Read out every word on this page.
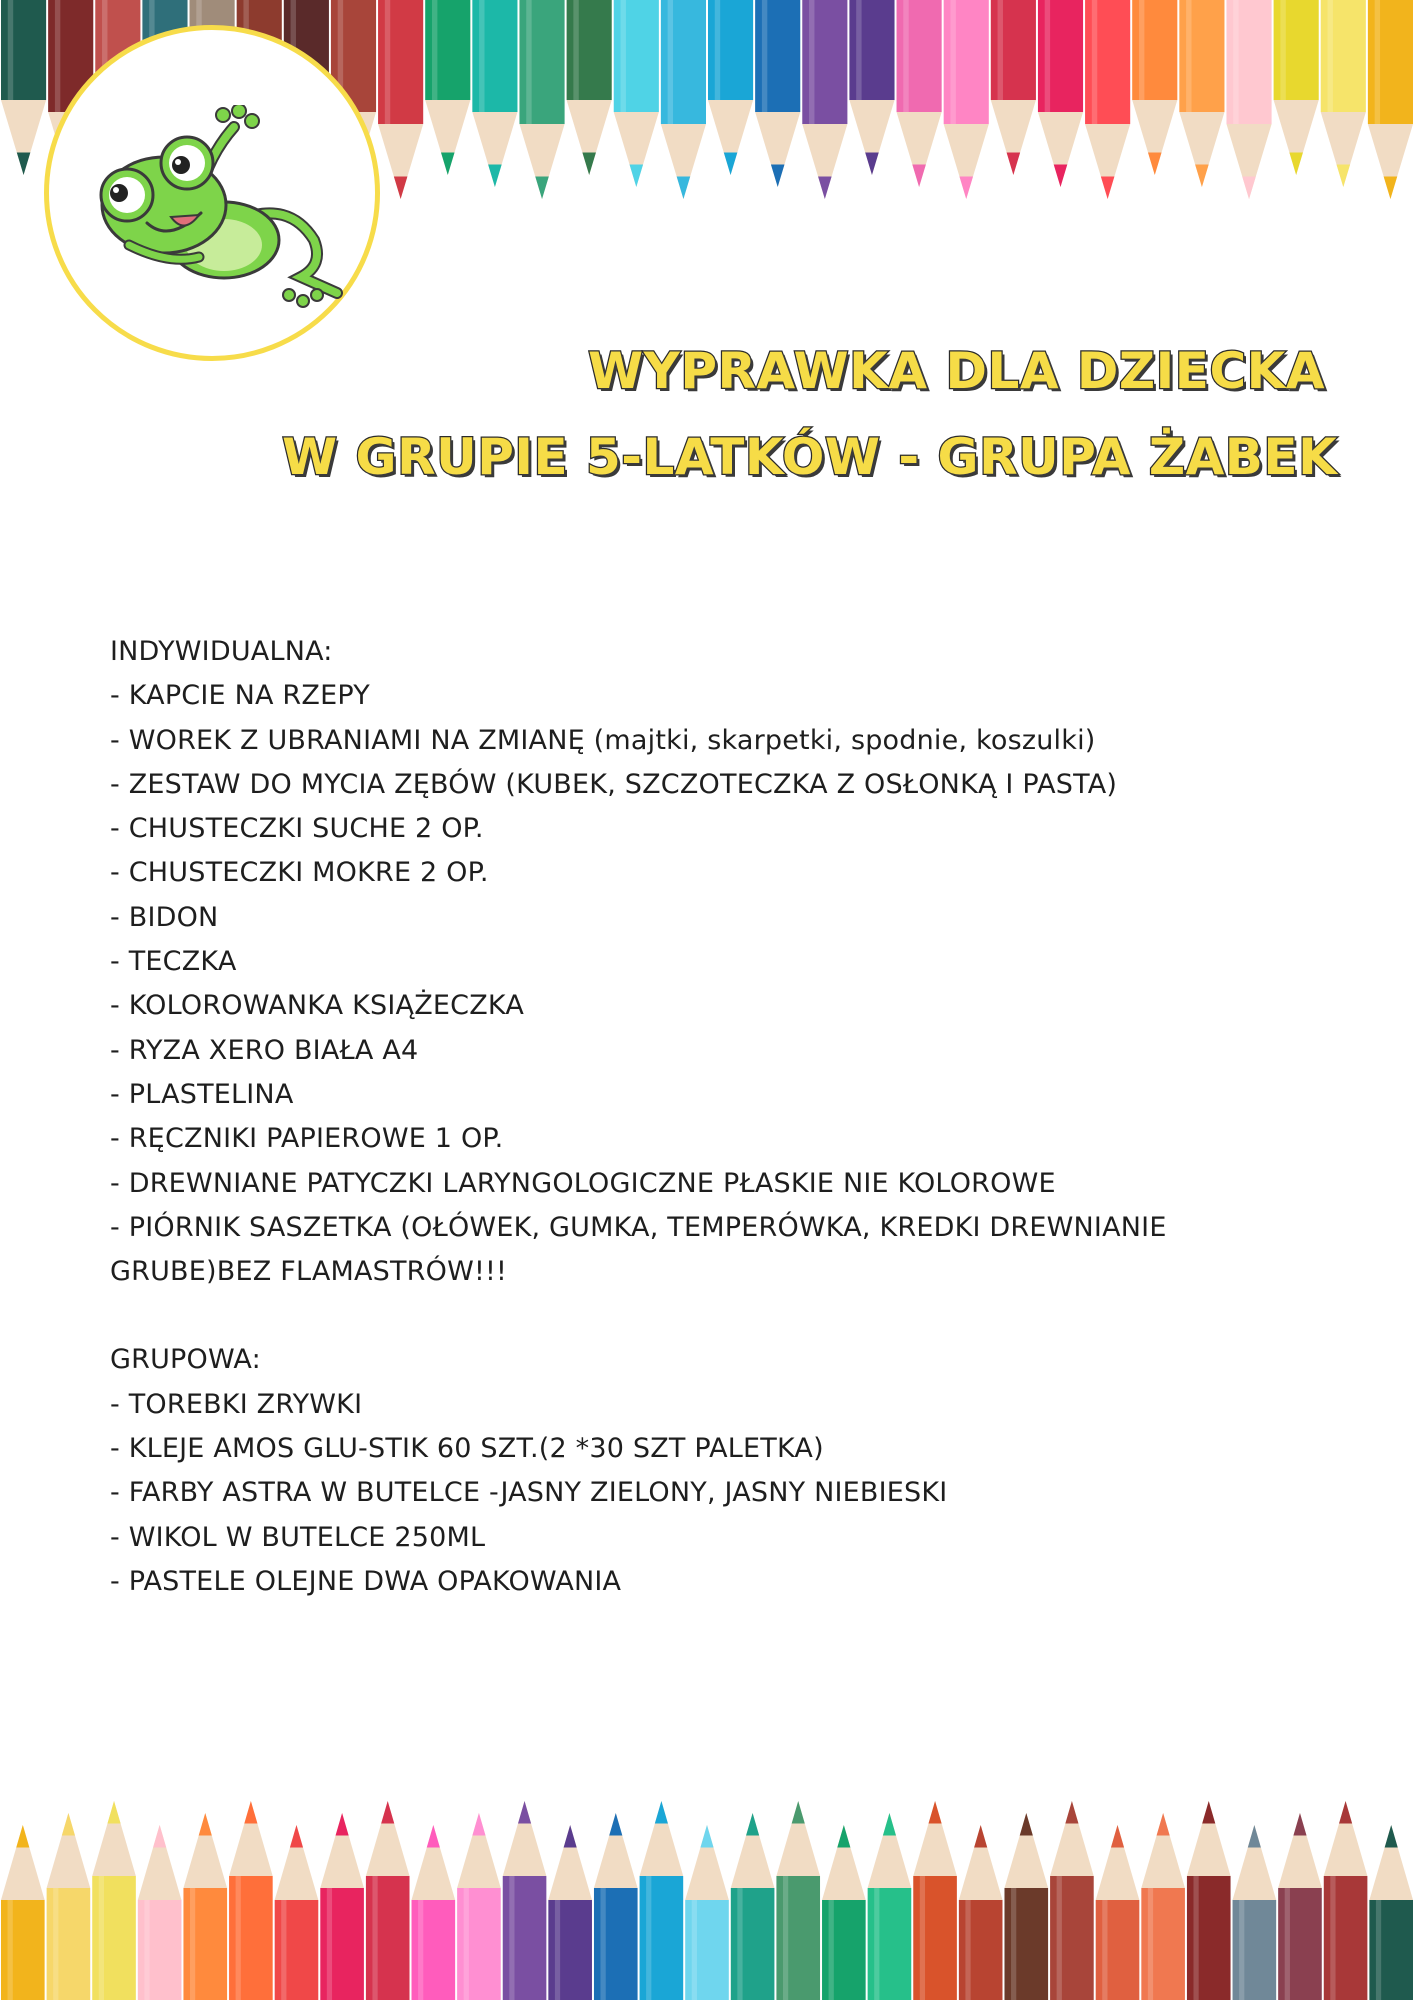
WYPRAWKA DLA DZIECKA
W GRUPIE 5-LATKÓW - GRUPA ŻABEK
INDYWIDUALNA:
- KAPCIE NA RZEPY
- WOREK Z UBRANIAMI NA ZMIANĘ (majtki, skarpetki, spodnie, koszulki)
- ZESTAW DO MYCIA ZĘBÓW (KUBEK, SZCZOTECZKA Z OSŁONKĄ I PASTA)
- CHUSTECZKI SUCHE 2 OP.
- CHUSTECZKI MOKRE 2 OP.
- BIDON
- TECZKA
- KOLOROWANKA KSIĄŻECZKA
- RYZA XERO BIAŁA A4
- PLASTELINA
- RĘCZNIKI PAPIEROWE 1 OP.
- DREWNIANE PATYCZKI LARYNGOLOGICZNE PŁASKIE NIE KOLOROWE
- PIÓRNIK SASZETKA (OŁÓWEK, GUMKA, TEMPERÓWKA, KREDKI DREWNIANIE GRUBE)BEZ FLAMASTRÓW!!!
GRUPOWA:
- TOREBKI ZRYWKI
- KLEJE AMOS GLU-STIK 60 SZT.(2 *30 SZT PALETKA)
- FARBY ASTRA W BUTELCE -JASNY ZIELONY, JASNY NIEBIESKI
- WIKOL W BUTELCE 250ML
- PASTELE OLEJNE DWA OPAKOWANIA
